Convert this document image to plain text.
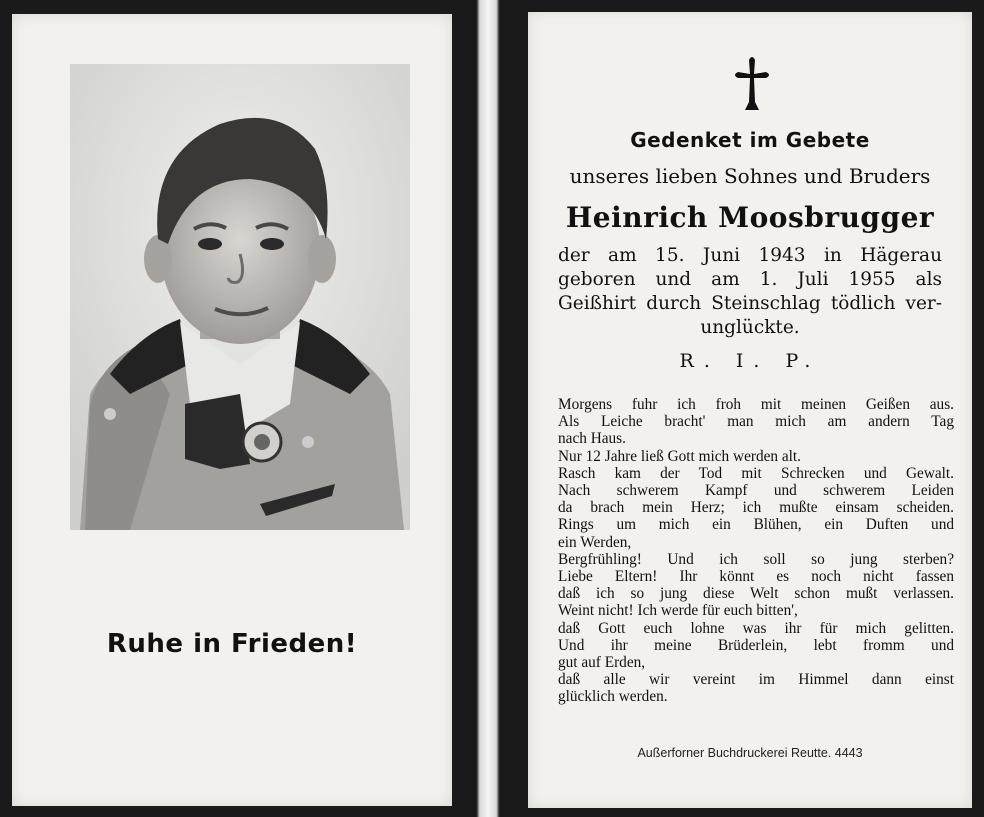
Ruhe in Frieden!
Gedenket im Gebete
unseres lieben Sohnes und Bruders
Heinrich Moosbrugger
der am 15. Juni 1943 in Hägerau
geboren und am 1. Juli 1955 als
Geißhirt durch Steinschlag tödlich ver-
unglückte.
R. I. P.
Morgens fuhr ich froh mit meinen Geißen aus.
Als Leiche bracht' man mich am andern Tag
nach Haus.
Nur 12 Jahre ließ Gott mich werden alt.
Rasch kam der Tod mit Schrecken und Gewalt.
Nach schwerem Kampf und schwerem Leiden
da brach mein Herz; ich mußte einsam scheiden.
Rings um mich ein Blühen, ein Duften und
ein Werden,
Bergfrühling! Und ich soll so jung sterben?
Liebe Eltern! Ihr könnt es noch nicht fassen
daß ich so jung diese Welt schon mußt verlassen.
Weint nicht! Ich werde für euch bitten',
daß Gott euch lohne was ihr für mich gelitten.
Und ihr meine Brüderlein, lebt fromm und
gut auf Erden,
daß alle wir vereint im Himmel dann einst
glücklich werden.
Außerforner Buchdruckerei Reutte. 4443
